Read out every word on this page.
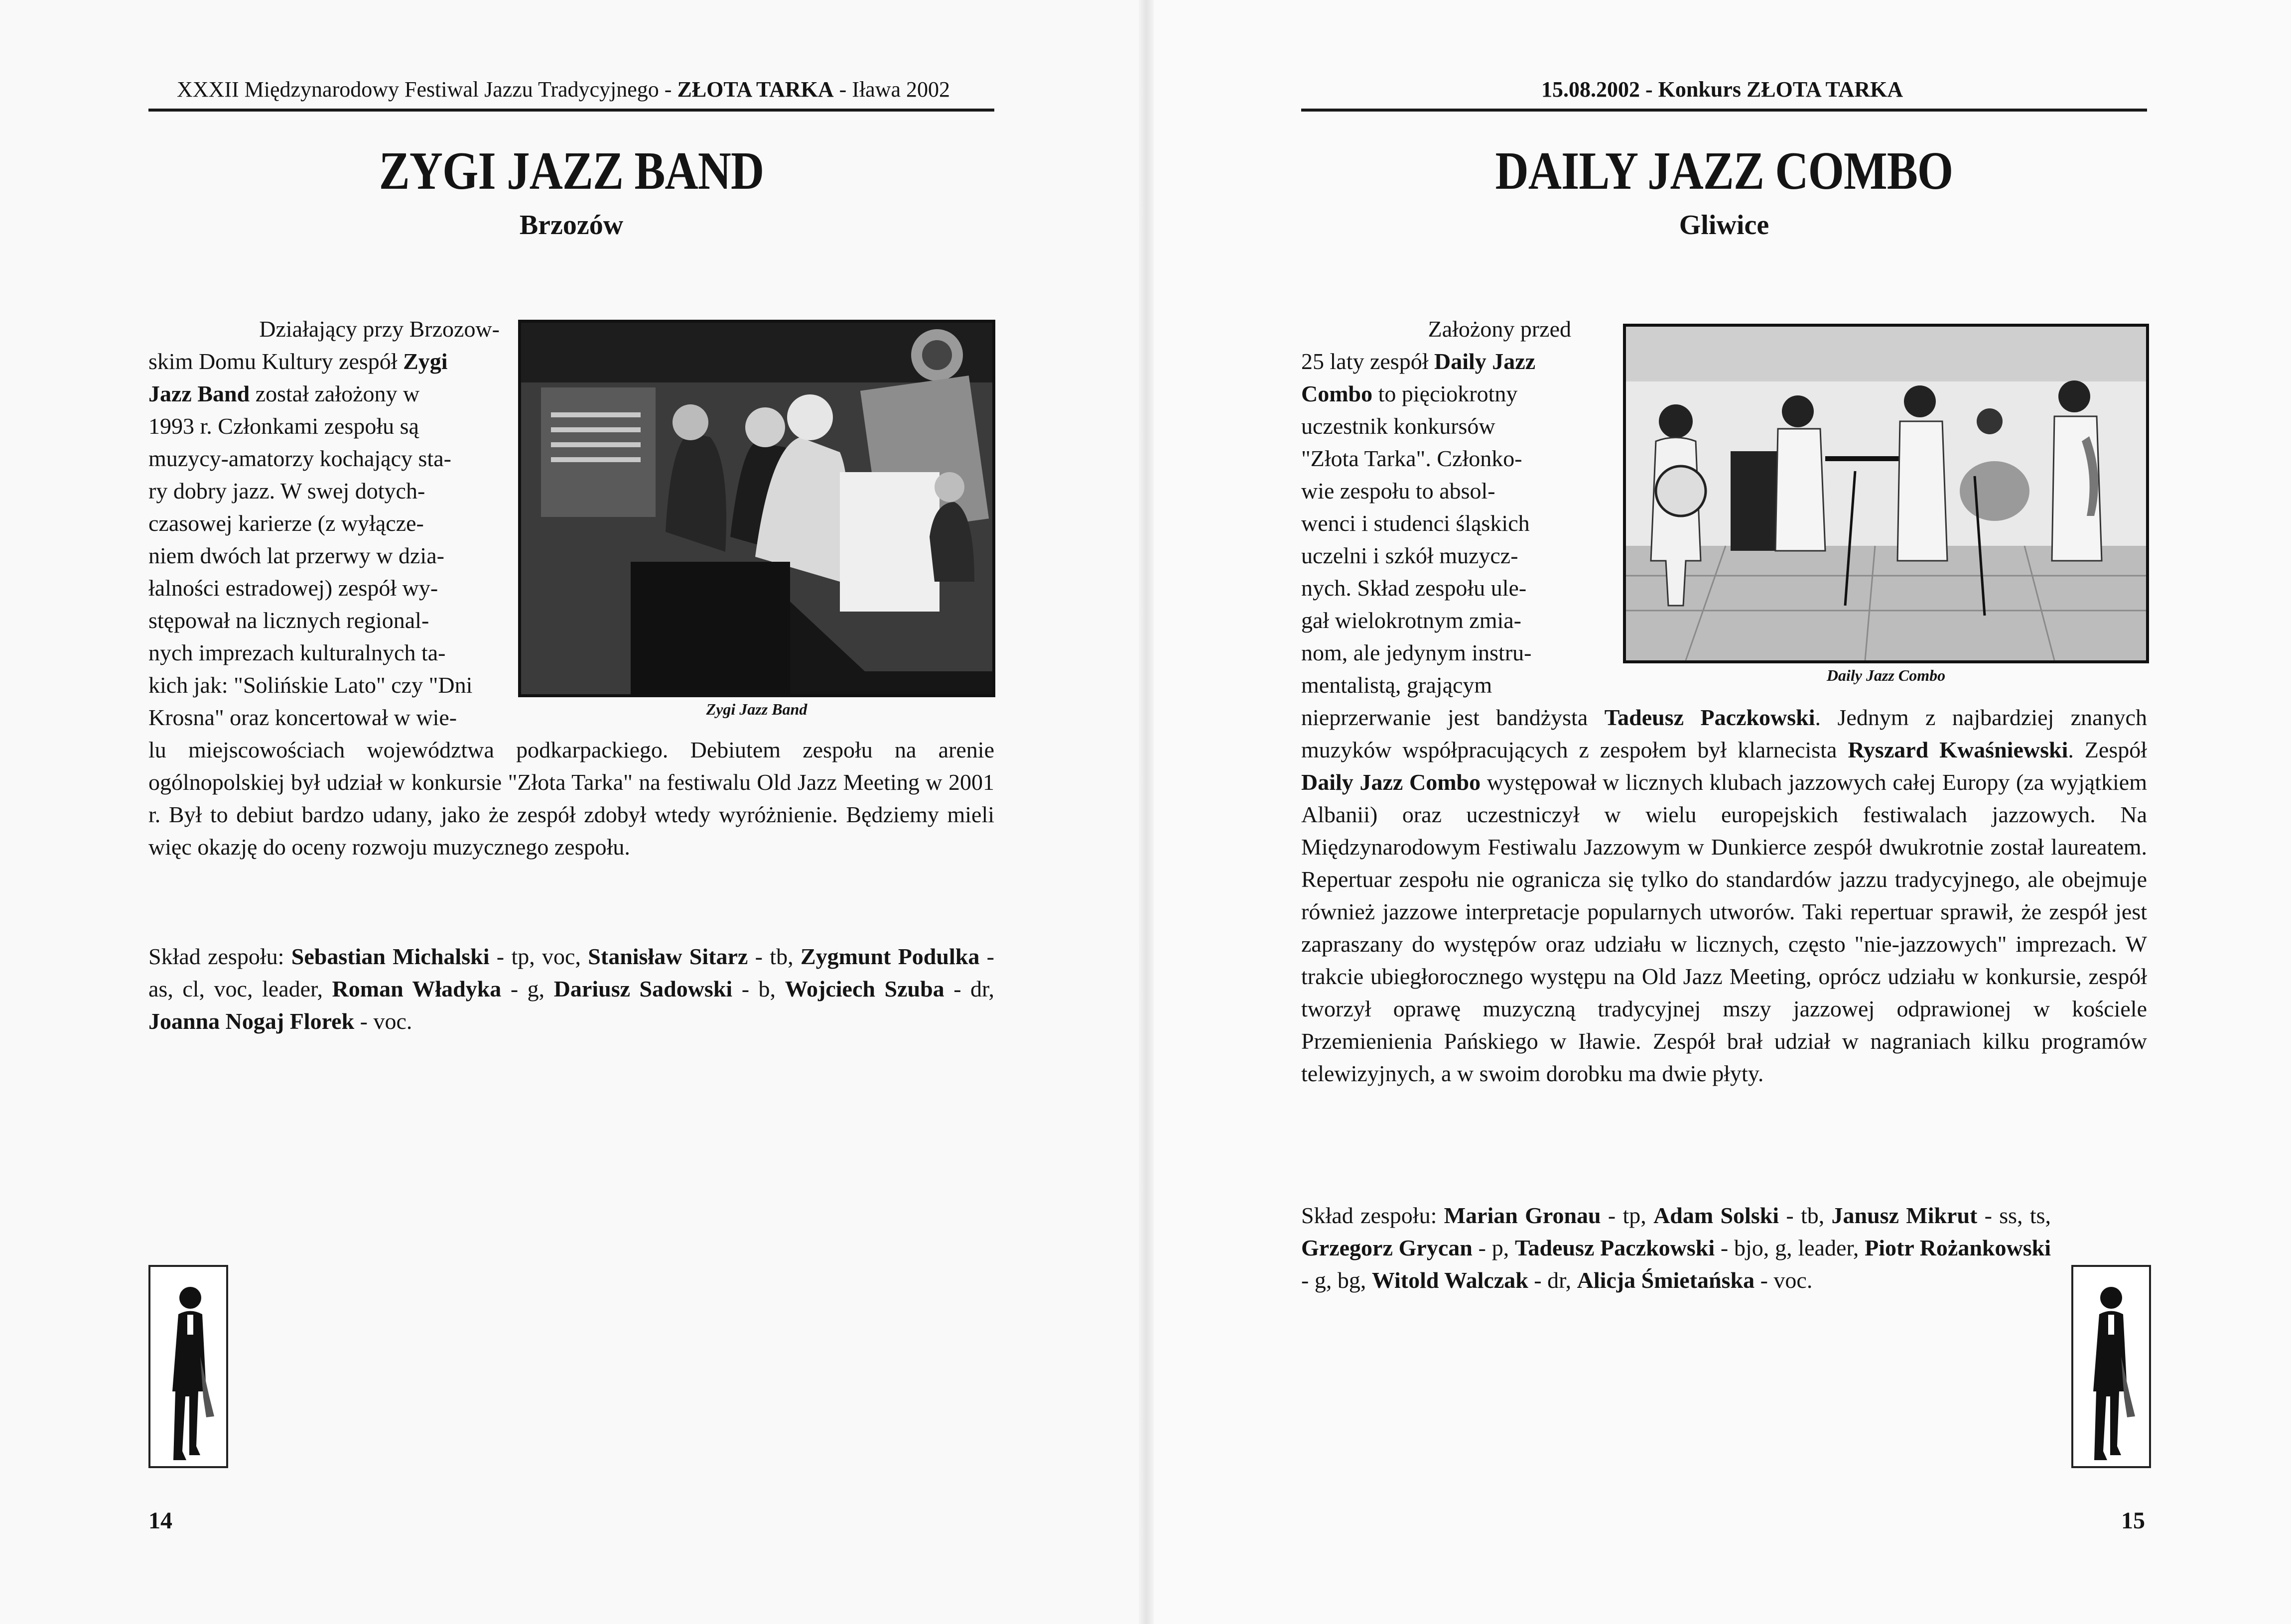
XXXII Międzynarodowy Festiwal Jazzu Tradycyjnego - ZŁOTA TARKA - Iława 2002
ZYGI JAZZ BAND
Brzozów
Zygi Jazz Band

Działający przy Brzozow-

skim Domu Kultury zespół Zygi

Jazz Band został założony w

1993 r. Członkami zespołu są

muzycy-amatorzy kochający sta-

ry dobry jazz. W swej dotych-

czasowej karierze (z wyłącze-

niem dwóch lat przerwy w dzia-

łalności estradowej) zespół wy-

stępował na licznych regional-

nych imprezach kulturalnych ta-

kich jak: "Solińskie Lato" czy "Dni

Krosna" oraz koncertował w wie-

lu miejscowościach województwa podkarpackiego. Debiutem zespołu na arenie ogólnopolskiej był udział w konkursie "Złota Tarka" na festiwalu Old Jazz Meeting w 2001 r. Był to debiut bardzo udany, jako że zespół zdobył wtedy wyróżnienie. Będziemy mieli więc okazję do oceny rozwoju muzycznego zespołu.
Skład zespołu: Sebastian Michalski - tp, voc, Stanisław Sitarz - tb, Zygmunt Podulka - as, cl, voc, leader, Roman Władyka - g, Dariusz Sadowski - b, Wojciech Szuba - dr, Joanna Nogaj Florek - voc.
14
15.08.2002 - Konkurs ZŁOTA TARKA
DAILY JAZZ COMBO
Gliwice
Daily Jazz Combo

Założony przed

25 laty zespół Daily Jazz

Combo to pięciokrotny

uczestnik konkursów

"Złota Tarka". Członko-

wie zespołu to absol-

wenci i studenci śląskich

uczelni i szkół muzycz-

nych. Skład zespołu ule-

gał wielokrotnym zmia-

nom, ale jedynym instru-

mentalistą, grającym

nieprzerwanie jest bandżysta Tadeusz Paczkowski. Jednym z najbardziej znanych muzyków współpracujących z zespołem był klarnecista Ryszard Kwaśniewski. Zespół Daily Jazz Combo występował w licznych klubach jazzowych całej Europy (za wyjątkiem Albanii) oraz uczestniczył w wielu europejskich festiwalach jazzowych. Na Międzynarodowym Festiwalu Jazzowym w Dunkierce zespół dwukrotnie został laureatem. Repertuar zespołu nie ogranicza się tylko do standardów jazzu tradycyjnego, ale obejmuje również jazzowe interpretacje popularnych utworów. Taki repertuar sprawił, że zespół jest zapraszany do występów oraz udziału w licznych, często "nie-jazzowych" imprezach. W trakcie ubiegłorocznego występu na Old Jazz Meeting, oprócz udziału w konkursie, zespół tworzył oprawę muzyczną tradycyjnej mszy jazzowej odprawionej w kościele Przemienienia Pańskiego w Iławie. Zespół brał udział w nagraniach kilku programów telewizyjnych, a w swoim dorobku ma dwie płyty.
Skład zespołu: Marian Gronau - tp, Adam Solski - tb, Janusz Mikrut - ss, ts, Grzegorz Grycan - p, Tadeusz Paczkowski - bjo, g, leader, Piotr Rożankowski - g, bg, Witold Walczak - dr, Alicja Śmietańska - voc.
15
